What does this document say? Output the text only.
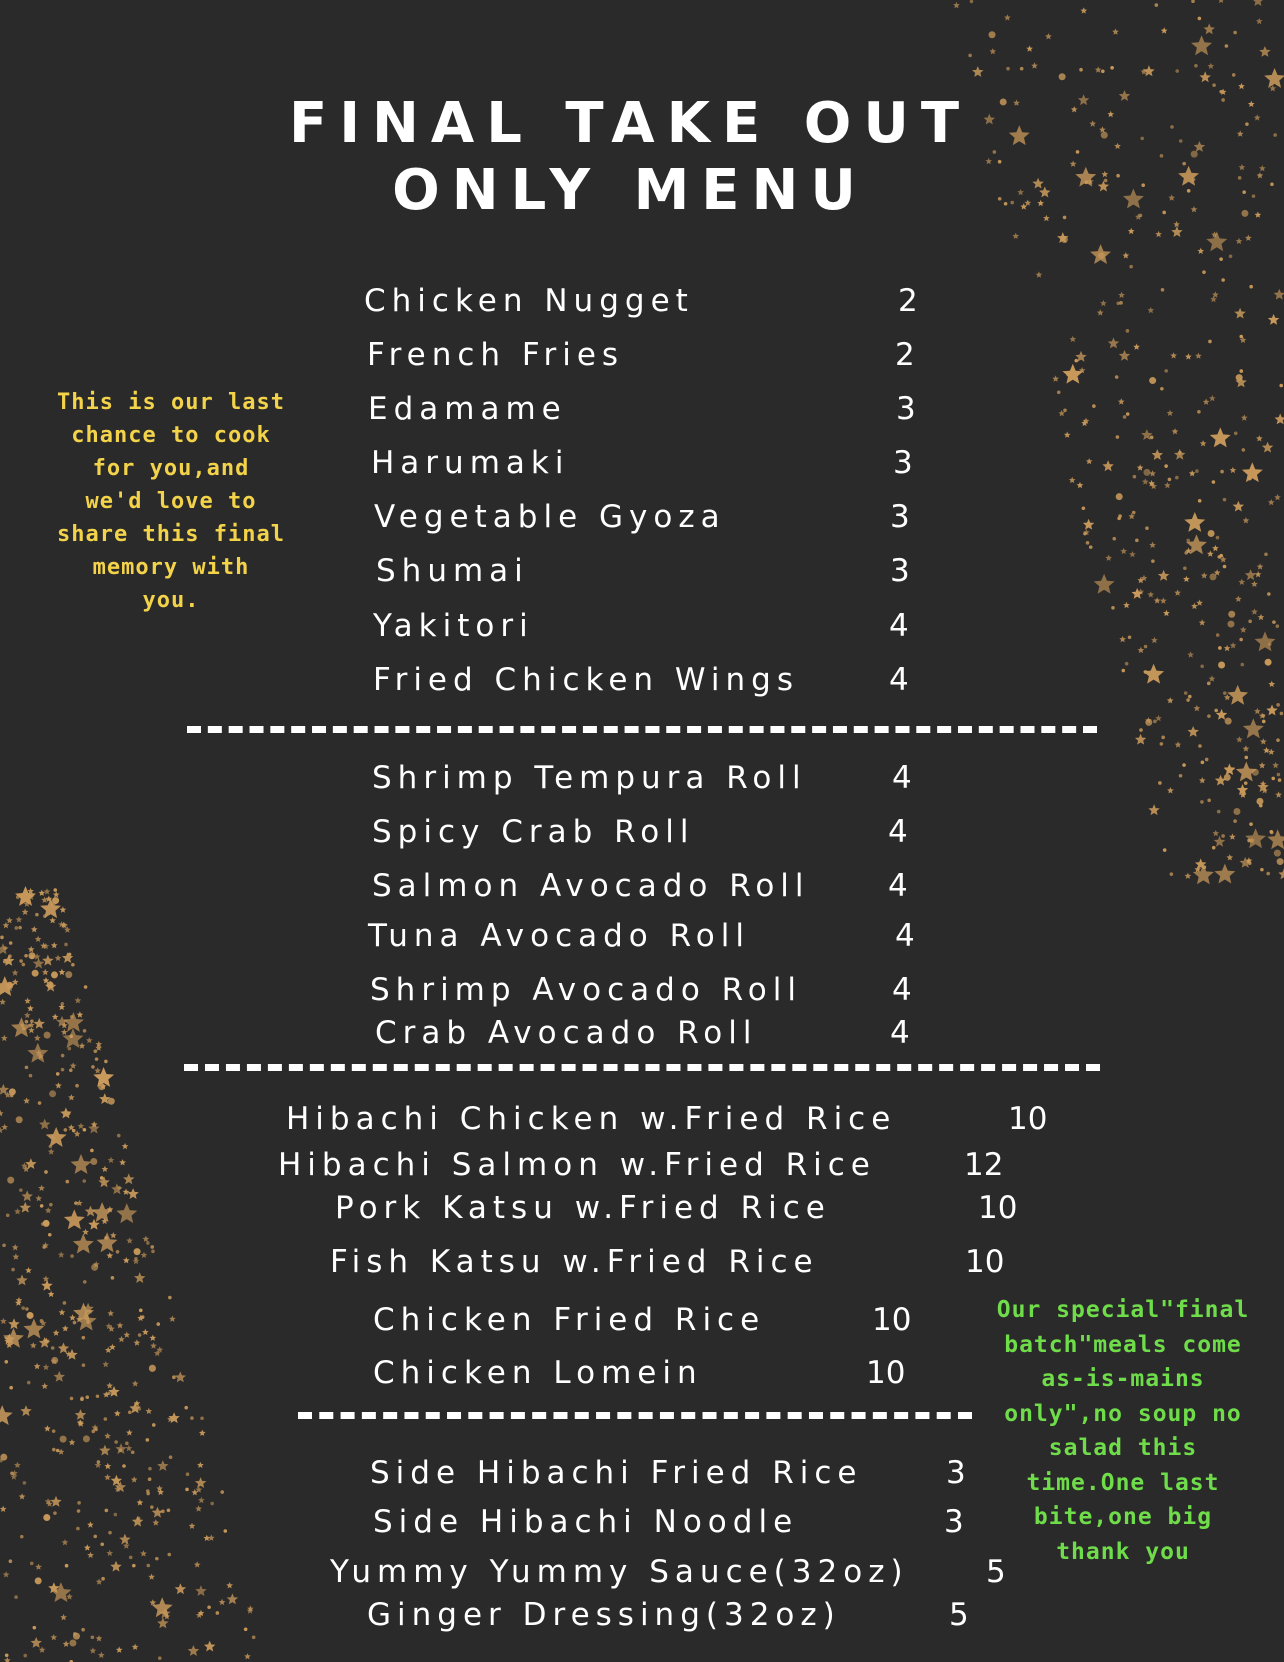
FINAL TAKE OUT
ONLY MENU
Chicken Nugget	2
French Fries	2
Edamame	3
Harumaki	3
Vegetable Gyoza	3
Shumai	3
Yakitori	4
Fried Chicken Wings	4
Shrimp Tempura Roll	4
Spicy Crab Roll	4
Salmon Avocado Roll	4
Tuna Avocado Roll	4
Shrimp Avocado Roll	4
Crab Avocado Roll	4
Hibachi Chicken w.Fried Rice	10
Hibachi Salmon w.Fried Rice	12
Pork Katsu w.Fried Rice	10
Fish Katsu w.Fried Rice	10
Chicken Fried Rice	10
Chicken Lomein	10
Side Hibachi Fried Rice	3
Side Hibachi Noodle	3
Yummy Yummy Sauce(32oz) 5
Ginger Dressing(32oz)	5
This is our last
chance to cook
for you,and
we'd love to
share this final
memory with
you.
Our special"final
batch"meals come
as-is-mains
only",no soup no
salad this
time.One last
bite,one big
thank you
